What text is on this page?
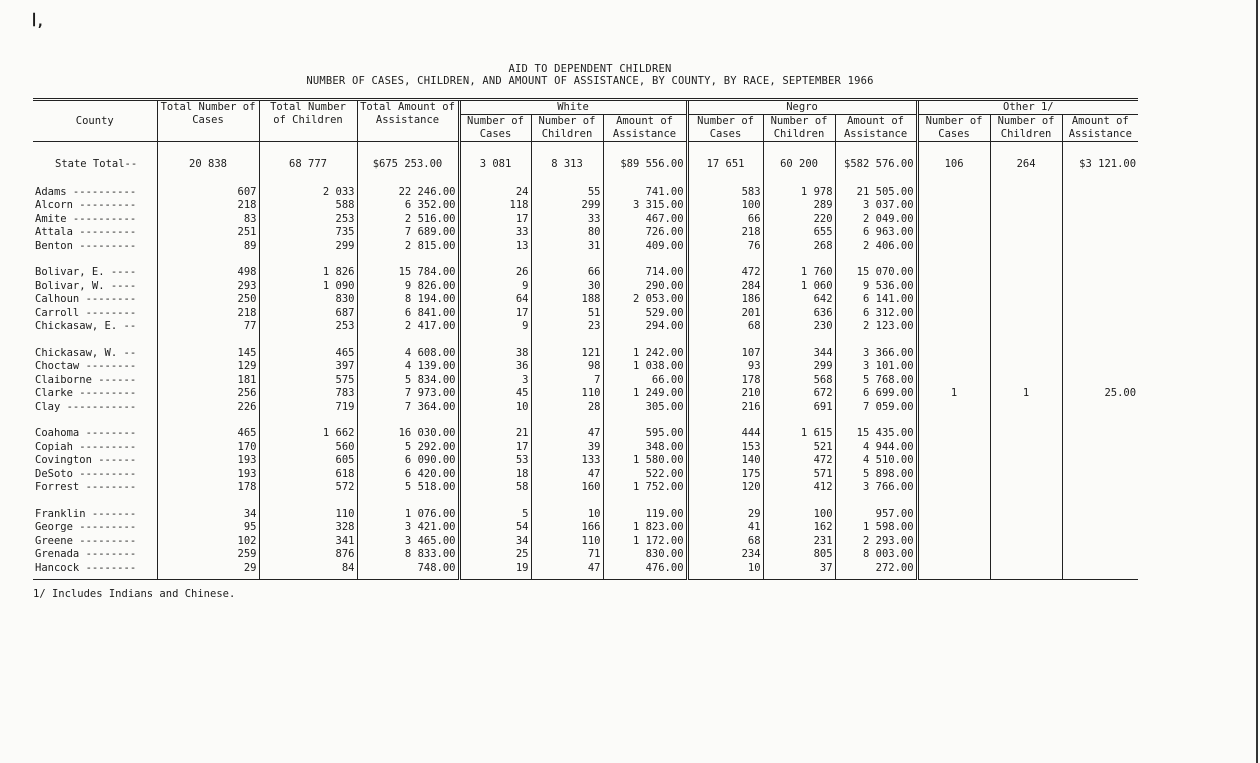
ꟾ,
AID TO DEPENDENT CHILDREN
NUMBER OF CASES, CHILDREN, AND AMOUNT OF ASSISTANCE, BY COUNTY, BY RACE, SEPTEMBER 1966
County	Total Number of Cases	Total Number of Children	Total Amount of Assistance	White			Negro			Other 1/		
				Number of Cases	Number of Children	Amount of Assistance	Number of Cases	Number of Children	Amount of Assistance	Number of Cases	Number of Children	Amount of Assistance
State Total--	20 838	68 777	$675 253.00	3 081	8 313	$89 556.00	17 651	60 200	$582 576.00	106	264	$3 121.00
Adams ----------	607	2 033	22 246.00	24	55	741.00	583	1 978	21 505.00			
Alcorn ---------	218	588	6 352.00	118	299	3 315.00	100	289	3 037.00			
Amite ----------	83	253	2 516.00	17	33	467.00	66	220	2 049.00			
Attala ---------	251	735	7 689.00	33	80	726.00	218	655	6 963.00			
Benton ---------	89	299	2 815.00	13	31	409.00	76	268	2 406.00			
Bolivar, E. ----	498	1 826	15 784.00	26	66	714.00	472	1 760	15 070.00			
Bolivar, W. ----	293	1 090	9 826.00	9	30	290.00	284	1 060	9 536.00			
Calhoun --------	250	830	8 194.00	64	188	2 053.00	186	642	6 141.00			
Carroll --------	218	687	6 841.00	17	51	529.00	201	636	6 312.00			
Chickasaw, E. --	77	253	2 417.00	9	23	294.00	68	230	2 123.00			
Chickasaw, W. --	145	465	4 608.00	38	121	1 242.00	107	344	3 366.00			
Choctaw --------	129	397	4 139.00	36	98	1 038.00	93	299	3 101.00			
Claiborne ------	181	575	5 834.00	3	7	66.00	178	568	5 768.00			
Clarke ---------	256	783	7 973.00	45	110	1 249.00	210	672	6 699.00	1	1	25.00
Clay -----------	226	719	7 364.00	10	28	305.00	216	691	7 059.00			
Coahoma --------	465	1 662	16 030.00	21	47	595.00	444	1 615	15 435.00			
Copiah ---------	170	560	5 292.00	17	39	348.00	153	521	4 944.00			
Covington ------	193	605	6 090.00	53	133	1 580.00	140	472	4 510.00			
DeSoto ---------	193	618	6 420.00	18	47	522.00	175	571	5 898.00			
Forrest --------	178	572	5 518.00	58	160	1 752.00	120	412	3 766.00			
Franklin -------	34	110	1 076.00	5	10	119.00	29	100	957.00			
George ---------	95	328	3 421.00	54	166	1 823.00	41	162	1 598.00			
Greene ---------	102	341	3 465.00	34	110	1 172.00	68	231	2 293.00			
Grenada --------	259	876	8 833.00	25	71	830.00	234	805	8 003.00			
Hancock --------	29	84	748.00	19	47	476.00	10	37	272.00			
1/ Includes Indians and Chinese.
